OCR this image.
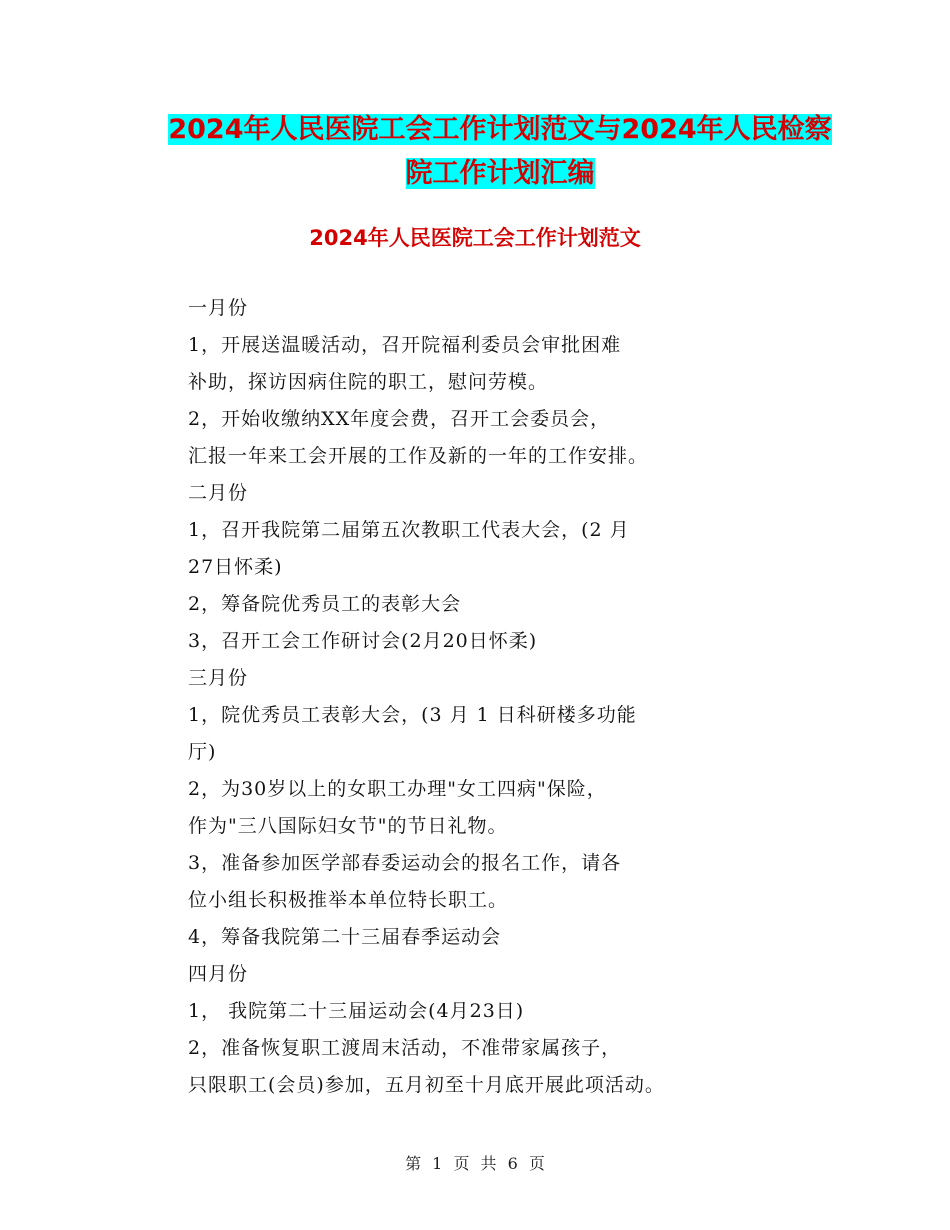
2024年人民医院工会工作计划范文与2024年人民检察
院工作计划汇编
2024年人民医院工会工作计划范文
一月份
1，开展送温暖活动，召开院福利委员会审批困难
补助，探访因病住院的职工，慰问劳模。
2，开始收缴纳XX年度会费，召开工会委员会，
汇报一年来工会开展的工作及新的一年的工作安排。
二月份
1，召开我院第二届第五次教职工代表大会，(2 月
27日怀柔)
2，筹备院优秀员工的表彰大会
3，召开工会工作研讨会(2月20日怀柔)
三月份
1，院优秀员工表彰大会，(3 月 1 日科研楼多功能
厅)
2，为30岁以上的女职工办理"女工四病"保险，
作为"三八国际妇女节"的节日礼物。
3，准备参加医学部春委运动会的报名工作，请各
位小组长积极推举本单位特长职工。
4，筹备我院第二十三届春季运动会
四月份
1， 我院第二十三届运动会(4月23日)
2，准备恢复职工渡周末活动，不准带家属孩子，
只限职工(会员)参加，五月初至十月底开展此项活动。
第 1 页 共 6 页
